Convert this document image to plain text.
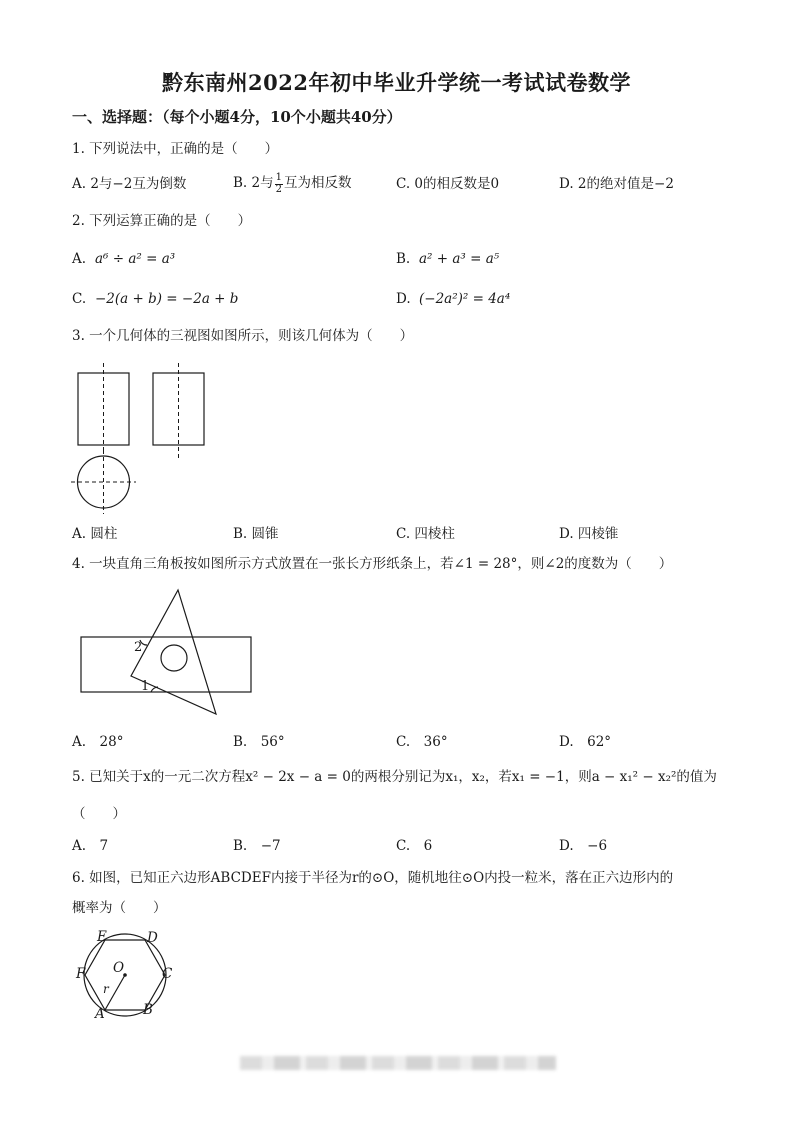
黔东南州2022年初中毕业升学统一考试试卷数学
一、选择题：（每个小题4分，10个小题共40分）
1. 下列说法中，正确的是（　　）
A. 2与−2互为倒数	B. 2与 $\frac{1}{2}$ 互为相反数	C. 0的相反数是0	D. 2的绝对值是−2
2. 下列运算正确的是（　　）
A. a⁶ ÷ a² = a³	B. a² + a³ = a⁵
C. −2(a + b) = −2a + b	D. (−2a²)² = 4a⁴
3. 一个几何体的三视图如图所示，则该几何体为（　　）
A. 圆柱	B. 圆锥	C. 四棱柱	D. 四棱锥
4. 一块直角三角板按如图所示方式放置在一张长方形纸条上，若∠1 = 28°，则∠2的度数为（　　）
2
1
A.　28°	B.　56°	C.　36°	D.　62°
5. 已知关于x的一元二次方程x² − 2x − a = 0的两根分别记为x₁，x₂，若x₁ = −1，则a − x₁² − x₂²的值为
（　　）
A.　7	B.　−7	C.　6	D.　−6
6. 如图，已知正六边形ABCDEF内接于半径为r的⊙O，随机地往⊙O内投一粒米，落在正六边形内的
概率为（　　）
E	D
F O	C
r
A	B
